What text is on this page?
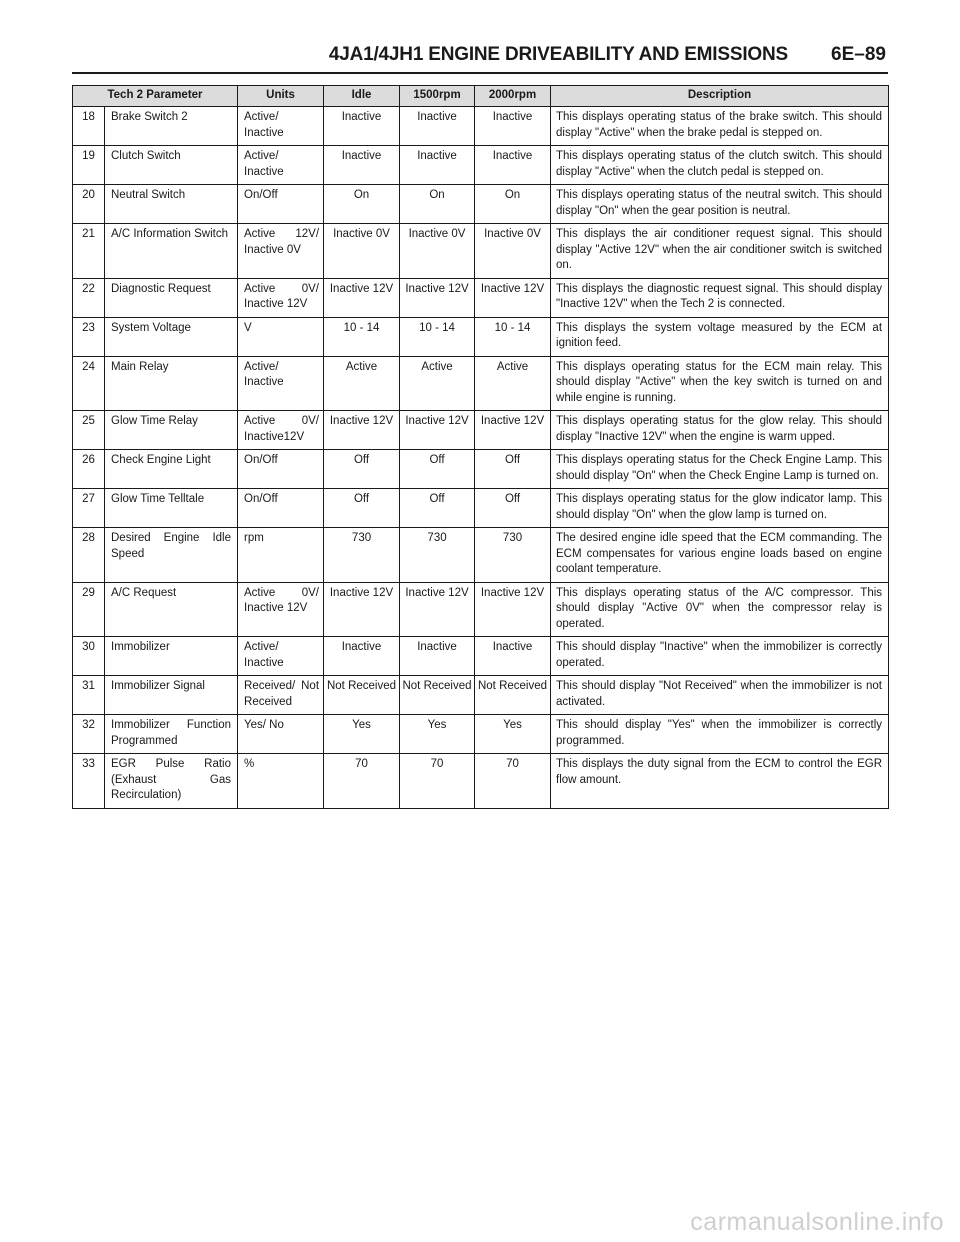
4JA1/4JH1 ENGINE DRIVEABILITY AND EMISSIONS 6E–89
Tech 2 Parameter		Units	Idle	1500rpm	2000rpm	Description
18	Brake Switch 2	Active/ Inactive	Inactive	Inactive	Inactive	This displays operating status of the brake switch. This should display "Active" when the brake pedal is stepped on.
19	Clutch Switch	Active/ Inactive	Inactive	Inactive	Inactive	This displays operating status of the clutch switch. This should display "Active" when the clutch pedal is stepped on.
20	Neutral Switch	On/Off	On	On	On	This displays operating status of the neutral switch. This should display "On" when the gear position is neutral.
21	A/C Information Switch	Active 12V/ Inactive 0V	Inactive 0V	Inactive 0V	Inactive 0V	This displays the air conditioner request signal. This should display "Active 12V" when the air conditioner switch is switched on.
22	Diagnostic Request	Active 0V/ Inactive 12V	Inactive 12V	Inactive 12V	Inactive 12V	This displays the diagnostic request signal. This should display "Inactive 12V" when the Tech 2 is connected.
23	System Voltage	V	10 - 14	10 - 14	10 - 14	This displays the system voltage measured by the ECM at ignition feed.
24	Main Relay	Active/ Inactive	Active	Active	Active	This displays operating status for the ECM main relay. This should display "Active" when the key switch is turned on and while engine is running.
25	Glow Time Relay	Active 0V/ Inactive12V	Inactive 12V	Inactive 12V	Inactive 12V	This displays operating status for the glow relay. This should display "Inactive 12V" when the engine is warm upped.
26	Check Engine Light	On/Off	Off	Off	Off	This displays operating status for the Check Engine Lamp. This should display "On" when the Check Engine Lamp is turned on.
27	Glow Time Telltale	On/Off	Off	Off	Off	This displays operating status for the glow indicator lamp. This should display "On" when the glow lamp is turned on.
28	Desired Engine Idle Speed	rpm	730	730	730	The desired engine idle speed that the ECM commanding. The ECM compensates for various engine loads based on engine coolant temperature.
29	A/C Request	Active 0V/ Inactive 12V	Inactive 12V	Inactive 12V	Inactive 12V	This displays operating status of the A/C compressor. This should display "Active 0V" when the compressor relay is operated.
30	Immobilizer	Active/ Inactive	Inactive	Inactive	Inactive	This should display "Inactive" when the immobilizer is correctly operated.
31	Immobilizer Signal	Received/ Not Received	Not Received	Not Received	Not Received	This should display "Not Received" when the immobilizer is not activated.
32	Immobilizer Function Programmed	Yes/ No	Yes	Yes	Yes	This should display "Yes" when the immobilizer is correctly programmed.
33	EGR Pulse Ratio (Exhaust Gas Recirculation)	%	70	70	70	This displays the duty signal from the ECM to control the EGR flow amount.
carmanualsonline.info
